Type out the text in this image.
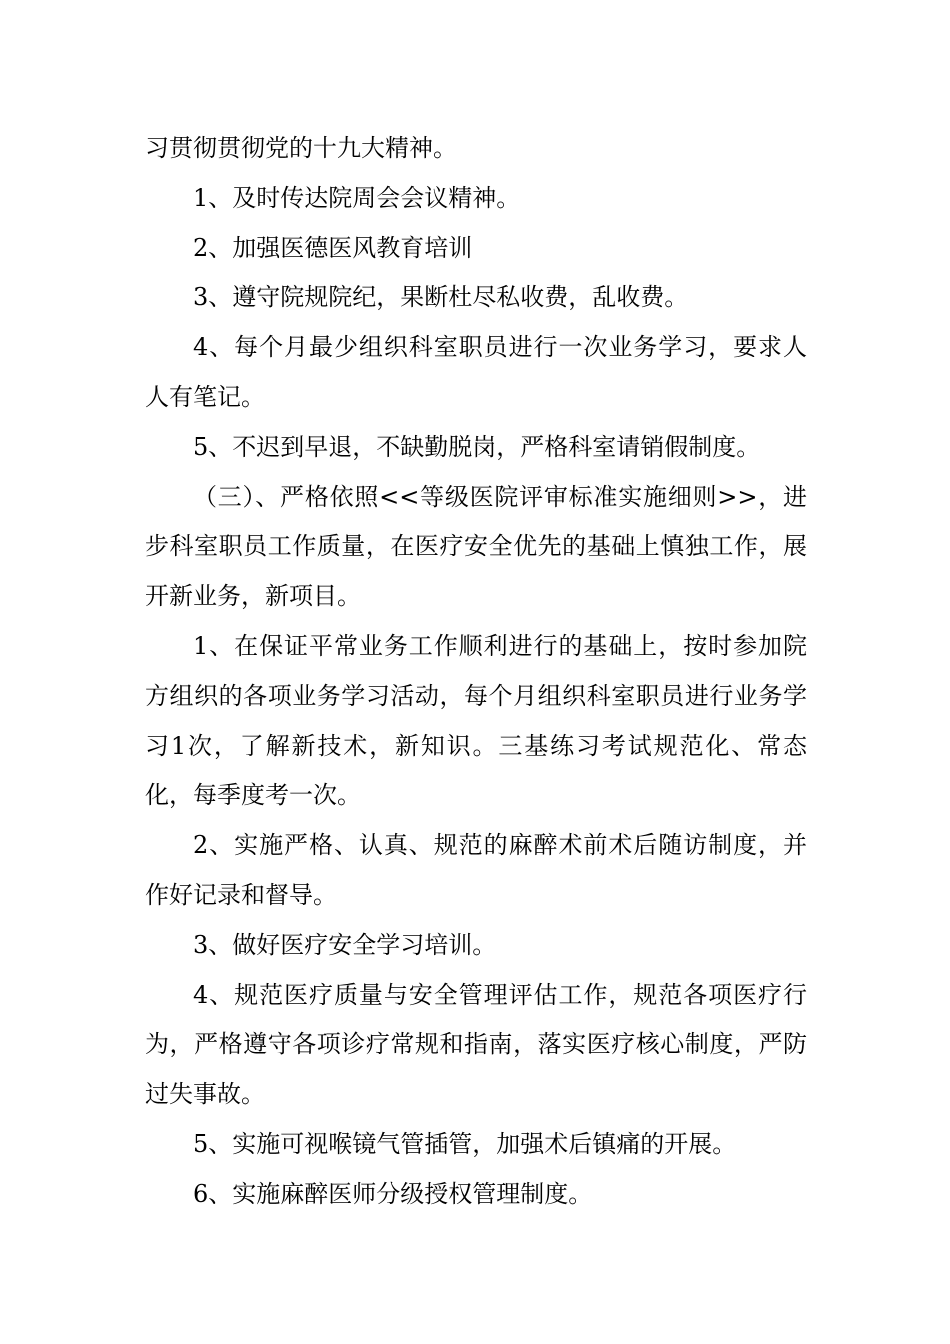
习贯彻贯彻党的十九大精神。

1、及时传达院周会会议精神。

2、加强医德医风教育培训

3、遵守院规院纪，果断杜尽私收费，乱收费。

4、每个月最少组织科室职员进行一次业务学习，要求人人有笔记。

5、不迟到早退，不缺勤脱岗，严格科室请销假制度。

（三）、严格依照<<等级医院评审标准实施细则>>，进步科室职员工作质量，在医疗安全优先的基础上慎独工作，展开新业务，新项目。

1、在保证平常业务工作顺利进行的基础上，按时参加院方组织的各项业务学习活动，每个月组织科室职员进行业务学习1次，了解新技术，新知识。三基练习考试规范化、常态化，每季度考一次。

2、实施严格、认真、规范的麻醉术前术后随访制度，并作好记录和督导。

3、做好医疗安全学习培训。

4、规范医疗质量与安全管理评估工作，规范各项医疗行为，严格遵守各项诊疗常规和指南，落实医疗核心制度，严防过失事故。

5、实施可视喉镜气管插管，加强术后镇痛的开展。

6、实施麻醉医师分级授权管理制度。
